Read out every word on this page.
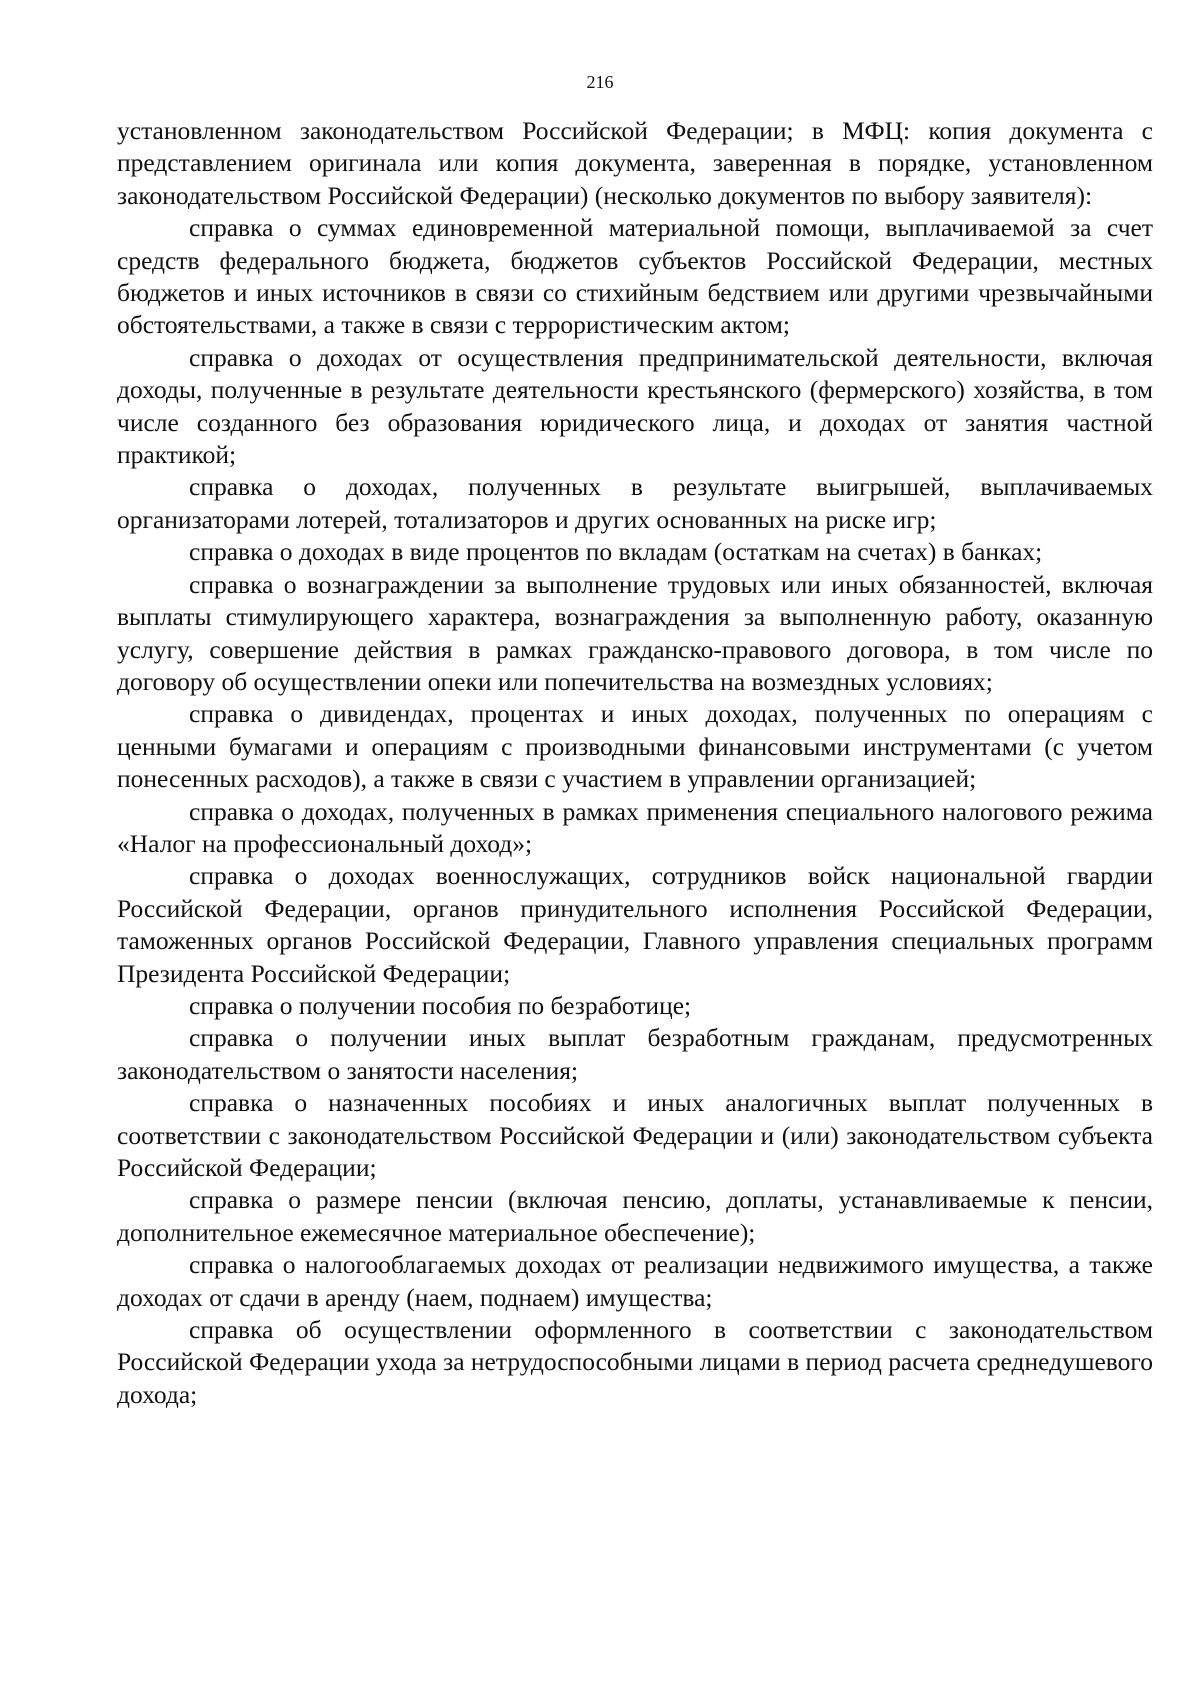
216

установленном законодательством Российской Федерации; в МФЦ: копия документа с представлением оригинала или копия документа, заверенная в порядке, установленном законодательством Российской Федерации) (несколько документов по выбору заявителя):

справка о суммах единовременной материальной помощи, выплачиваемой за счет средств федерального бюджета, бюджетов субъектов Российской Федерации, местных бюджетов и иных источников в связи со стихийным бедствием или другими чрезвычайными обстоятельствами, а также в связи с террористическим актом;

справка о доходах от осуществления предпринимательской деятельности, включая доходы, полученные в результате деятельности крестьянского (фермерского) хозяйства, в том числе созданного без образования юридического лица, и доходах от занятия частной практикой;

справка о доходах, полученных в результате выигрышей, выплачиваемых организаторами лотерей, тотализаторов и других основанных на риске игр;

справка о доходах в виде процентов по вкладам (остаткам на счетах) в банках;

справка о вознаграждении за выполнение трудовых или иных обязанностей, включая выплаты стимулирующего характера, вознаграждения за выполненную работу, оказанную услугу, совершение действия в рамках гражданско-правового договора, в том числе по договору об осуществлении опеки или попечительства на возмездных условиях;

справка о дивидендах, процентах и иных доходах, полученных по операциям с ценными бумагами и операциям с производными финансовыми инструментами (с учетом понесенных расходов), а также в связи с участием в управлении организацией;

справка о доходах, полученных в рамках применения специального налогового режима «Налог на профессиональный доход»;

справка о доходах военнослужащих, сотрудников войск национальной гвардии Российской Федерации, органов принудительного исполнения Российской Федерации, таможенных органов Российской Федерации, Главного управления специальных программ Президента Российской Федерации;

справка о получении пособия по безработице;

справка о получении иных выплат безработным гражданам, предусмотренных законодательством о занятости населения;

справка о назначенных пособиях и иных аналогичных выплат полученных в соответствии с законодательством Российской Федерации и (или) законодательством субъекта Российской Федерации;

справка о размере пенсии (включая пенсию, доплаты, устанавливаемые к пенсии, дополнительное ежемесячное материальное обеспечение);

справка о налогооблагаемых доходах от реализации недвижимого имущества, а также доходах от сдачи в аренду (наем, поднаем) имущества;

справка об осуществлении оформленного в соответствии с законодательством Российской Федерации ухода за нетрудоспособными лицами в период расчета среднедушевого дохода;
